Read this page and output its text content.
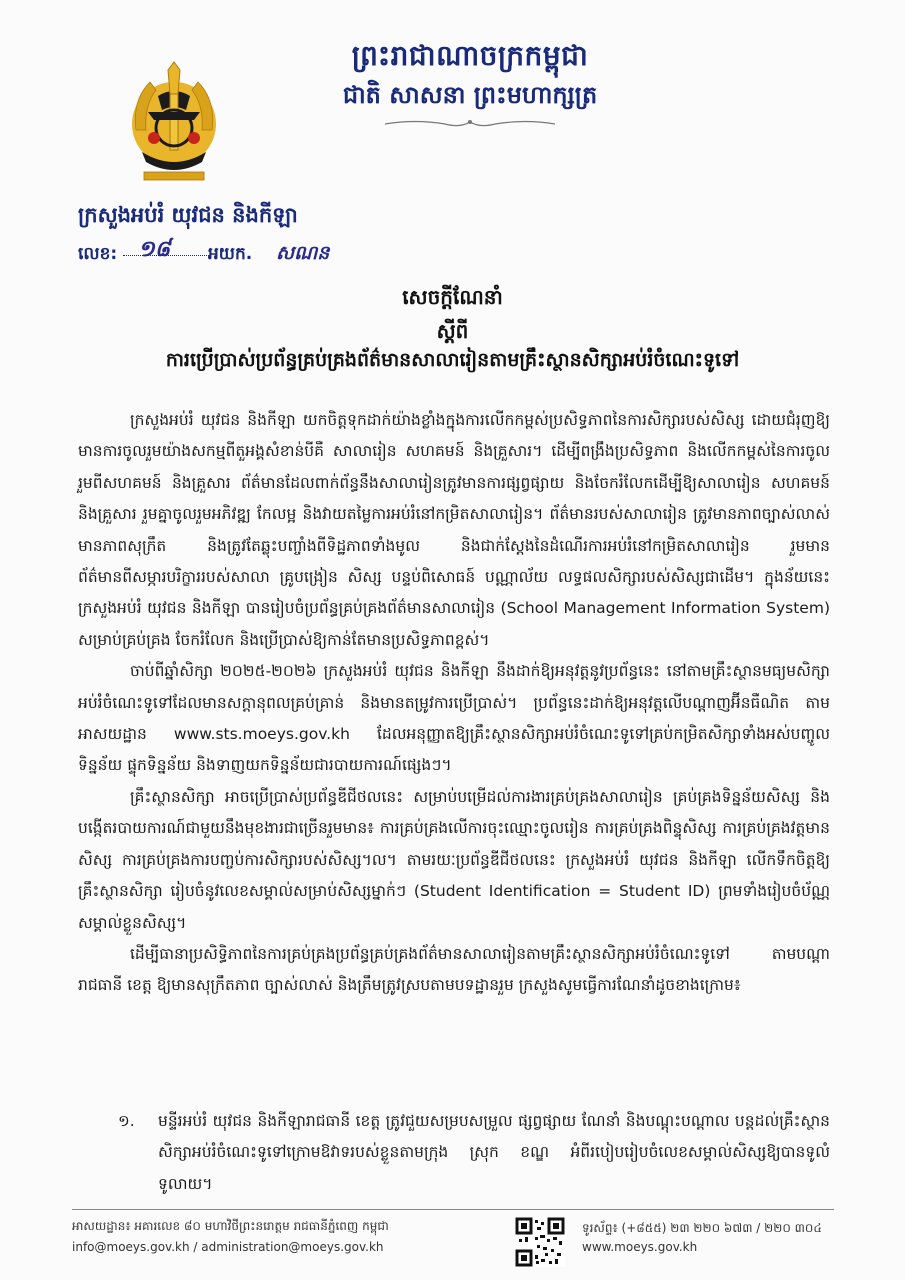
ព្រះរាជាណាចក្រកម្ពុជា
ជាតិ សាសនា ព្រះមហាក្សត្រ
ក្រសួងអប់រំ យុវជន និងកីឡា
លេខ: ១៨ អយក. សណន
សេចក្តីណែនាំ
ស្តីពី
ការប្រើប្រាស់ប្រព័ន្ធគ្រប់គ្រងព័ត៌មានសាលារៀនតាមគ្រឹះស្ថានសិក្សាអប់រំចំណេះទូទៅ

ក្រសួងអប់រំ យុវជន និងកីឡា យកចិត្តទុកដាក់យ៉ាងខ្លាំងក្នុងការលើកកម្ពស់ប្រសិទ្ធភាពនៃការសិក្សារបស់សិស្ស ដោយជំរុញឱ្យមានការចូលរួមយ៉ាងសកម្មពីតួអង្គសំខាន់បីគឺ សាលារៀន សហគមន៍ និងគ្រួសារ។ ដើម្បីពង្រឹងប្រសិទ្ធភាព និងលើកកម្ពស់នៃការចូលរួមពីសហគមន៍ និងគ្រួសារ ព័ត៌មានដែលពាក់ព័ន្ធនឹងសាលារៀនត្រូវមានការផ្សព្វផ្សាយ និងចែករំលែកដើម្បីឱ្យសាលារៀន សហគមន៍ និងគ្រួសារ រួមគ្នាចូលរួមអភិវឌ្ឍ កែលម្អ និងវាយតម្លៃការអប់រំនៅកម្រិតសាលារៀន។ ព័ត៌មានរបស់សាលារៀន ត្រូវមានភាពច្បាស់លាស់ មានភាពសុក្រឹត និងត្រូវតែឆ្លុះបញ្ចាំងពីទិដ្ឋភាពទាំងមូល និងជាក់ស្តែងនៃដំណើរការអប់រំនៅកម្រិតសាលារៀន រួមមាន ព័ត៌មានពីសម្ភារបរិក្ខាររបស់សាលា គ្រូបង្រៀន សិស្ស បន្ទប់ពិសោធន៍ បណ្ណាល័យ លទ្ធផលសិក្សារបស់សិស្សជាដើម។ ក្នុងន័យនេះ ក្រសួងអប់រំ យុវជន និងកីឡា បានរៀបចំប្រព័ន្ធគ្រប់គ្រងព័ត៌មានសាលារៀន (School Management Information System) សម្រាប់គ្រប់គ្រង ចែករំលែក និងប្រើប្រាស់ឱ្យកាន់តែមានប្រសិទ្ធភាពខ្ពស់។

ចាប់ពីឆ្នាំសិក្សា ២០២៥-២០២៦ ក្រសួងអប់រំ យុវជន និងកីឡា នឹងដាក់ឱ្យអនុវត្តនូវប្រព័ន្ធនេះ នៅតាមគ្រឹះស្ថានមធ្យមសិក្សាអប់រំចំណេះទូទៅដែលមានសក្តានុពលគ្រប់គ្រាន់ និងមានតម្រូវការប្រើប្រាស់។ ប្រព័ន្ធនេះដាក់ឱ្យអនុវត្តលើបណ្តាញអ៊ីនធឺណិត តាមអាសយដ្ឋាន www.sts.moeys.gov.kh ដែលអនុញ្ញាតឱ្យគ្រឹះស្ថានសិក្សាអប់រំចំណេះទូទៅគ្រប់កម្រិតសិក្សាទាំងអស់បញ្ចូលទិន្នន័យ ផ្ទុកទិន្នន័យ និងទាញយកទិន្នន័យជារបាយការណ៍ផ្សេងៗ។

គ្រឹះស្ថានសិក្សា អាចប្រើប្រាស់ប្រព័ន្ធឌីជីថលនេះ សម្រាប់បម្រើដល់ការងារគ្រប់គ្រងសាលារៀន គ្រប់គ្រងទិន្នន័យសិស្ស និងបង្កើតរបាយការណ៍ជាមួយនឹងមុខងារជាច្រើនរួមមាន៖ ការគ្រប់គ្រងលើការចុះឈ្មោះចូលរៀន ការគ្រប់គ្រងពិន្ទុសិស្ស ការគ្រប់គ្រងវត្តមានសិស្ស ការគ្រប់គ្រងការបញ្ចប់ការសិក្សារបស់សិស្ស។ល។ តាមរយៈប្រព័ន្ធឌីជីថលនេះ ក្រសួងអប់រំ យុវជន និងកីឡា លើកទឹកចិត្តឱ្យគ្រឹះស្ថានសិក្សា រៀបចំនូវលេខសម្គាល់សម្រាប់សិស្សម្នាក់ៗ (Student Identification = Student ID) ព្រមទាំងរៀបចំប័ណ្ណសម្គាល់ខ្លួនសិស្ស។

ដើម្បីធានាប្រសិទ្ធិភាពនៃការគ្រប់គ្រងប្រព័ន្ធគ្រប់គ្រងព័ត៌មានសាលារៀនតាមគ្រឹះស្ថានសិក្សាអប់រំចំណេះទូទៅ តាមបណ្តារាជធានី ខេត្ត ឱ្យមានសុក្រឹតភាព ច្បាស់លាស់ និងត្រឹមត្រូវស្របតាមបទដ្ឋានរួម ក្រសួងសូមធ្វើការណែនាំដូចខាងក្រោម៖

១. មន្ទីរអប់រំ យុវជន និងកីឡារាជធានី ខេត្ត ត្រូវជួយសម្របសម្រួល ផ្សព្វផ្សាយ ណែនាំ និងបណ្តុះបណ្តាល បន្តដល់គ្រឹះស្ថានសិក្សាអប់រំចំណេះទូទៅក្រោមឱវាទរបស់ខ្លួនតាមក្រុង ស្រុក ខណ្ឌ អំពីរបៀបរៀបចំលេខសម្គាល់សិស្សឱ្យបានទូលំទូលាយ។
អាសយដ្ឋាន៖ អគារលេខ ៨០ មហាវិថីព្រះនរោត្តម រាជធានីភ្នំពេញ កម្ពុជា
info@moeys.gov.kh / administration@moeys.gov.kh
ទូរស័ព្ទ៖ (+៨៥៥) ២៣ ២២០ ៦៧៣ / ២២០ ៣០៤
www.moeys.gov.kh
